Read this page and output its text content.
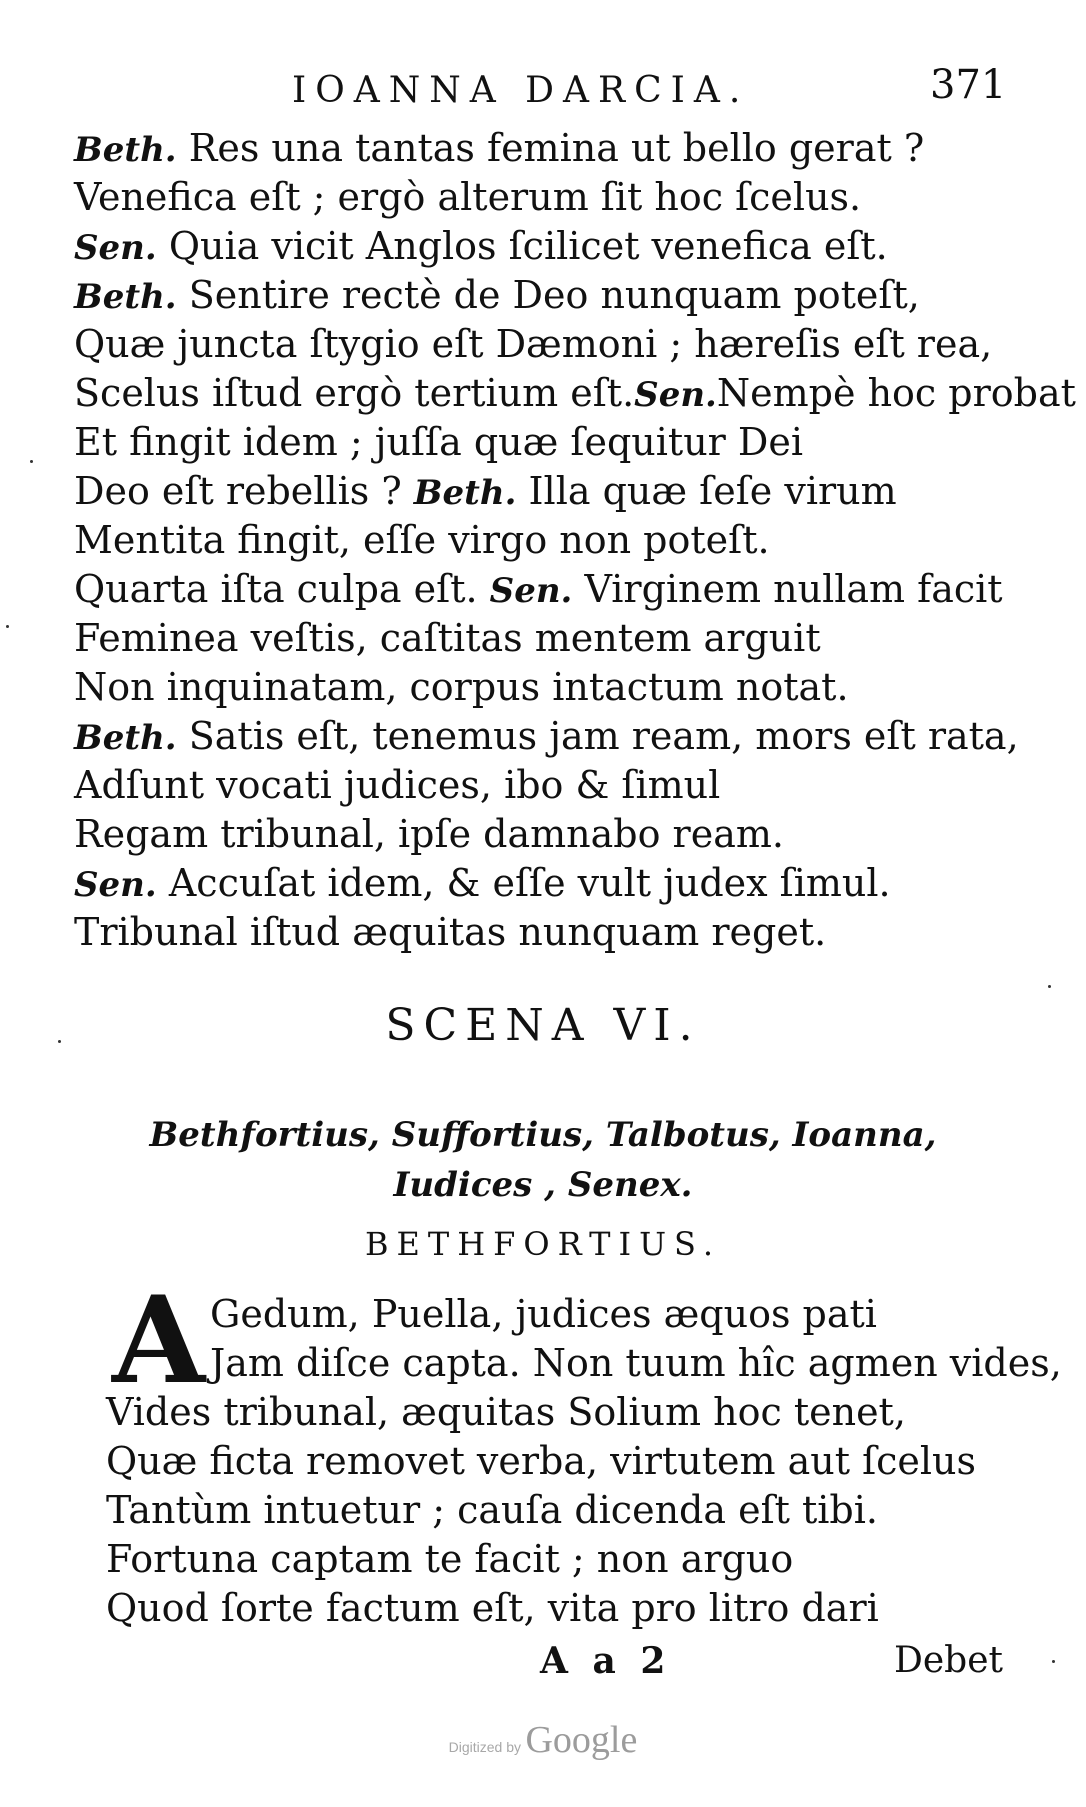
IOANNA DARCIA.	371
Beth. Res una tantas femina ut bello gerat ?
Venefica eſt ; ergò alterum ſit hoc ſcelus.
Sen. Quia vicit Anglos ſcilicet venefica eſt.
Beth. Sentire rectè de Deo nunquam poteſt,
Quæ juncta ſtygio eſt Dæmoni ; hæreſis eſt rea,
Scelus iſtud ergò tertium eſt.Sen.Nempè hoc probat
Et fingit idem ; juſſa quæ ſequitur Dei
Deo eſt rebellis ? Beth. Illa quæ ſeſe virum
Mentita fingit, eſſe virgo non poteſt.
Quarta iſta culpa eſt. Sen. Virginem nullam facit
Feminea veſtis, caſtitas mentem arguit
Non inquinatam, corpus intactum notat.
Beth. Satis eſt, tenemus jam ream, mors eſt rata,
Adſunt vocati judices, ibo & ſimul
Regam tribunal, ipſe damnabo ream.
Sen. Accuſat idem, & eſſe vult judex ſimul.
Tribunal iſtud æquitas nunquam reget.
SCENA VI.
Bethfortius, Suffortius, Talbotus, Ioanna,
Iudices , Senex.
BETHFORTIUS.
A Gedum, Puella, judices æquos pati
Jam diſce capta. Non tuum hîc agmen vides,
Vides tribunal, æquitas Solium hoc tenet,
Quæ ficta removet verba, virtutem aut ſcelus
Tantùm intuetur ; cauſa dicenda eſt tibi.
Fortuna captam te facit ; non arguo
Quod ſorte factum eſt, vita pro litro dari
A a 2	Debet
Digitized by Google
